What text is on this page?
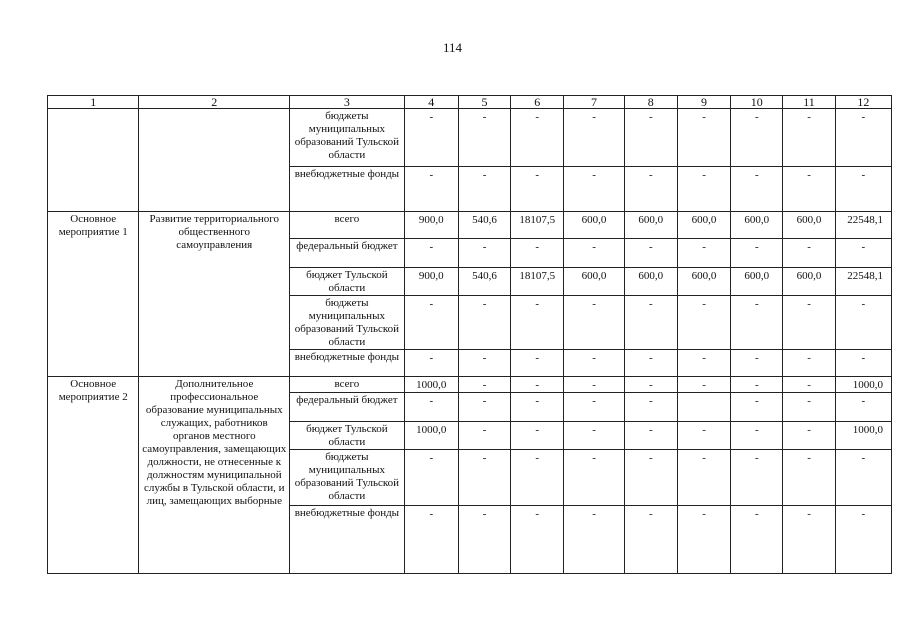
114
1	2	3	4	5	6	7	8	9	10	11	12
		бюджеты муниципальных образований Тульской области	-	-	-	-	-	-	-	-	-
		внебюджетные фонды	-	-	-	-	-	-	-	-	-
Основное мероприятие 1	Развитие территориального общественного самоуправления	всего	900,0	540,6	18107,5	600,0	600,0	600,0	600,0	600,0	22548,1
		федеральный бюджет	-	-	-	-	-	-	-	-	-
		бюджет Тульской области	900,0	540,6	18107,5	600,0	600,0	600,0	600,0	600,0	22548,1
		бюджеты муниципальных образований Тульской области	-	-	-	-	-	-	-	-	-
		внебюджетные фонды	-	-	-	-	-	-	-	-	-
Основное мероприятие 2	Дополнительное профессиональное образование муниципальных служащих, работников органов местного самоуправления, замещающих должности, не отнесенные к должностям муниципальной службы в Тульской области, и лиц, замещающих выборные	всего	1000,0	-	-	-	-	-	-	-	1000,0
		федеральный бюджет	-	-	-	-	-		-	-	-
		бюджет Тульской области	1000,0	-	-	-	-	-	-	-	1000,0
		бюджеты муниципальных образований Тульской области	-	-	-	-	-	-	-	-	-
		внебюджетные фонды	-	-	-	-	-	-	-	-	-
